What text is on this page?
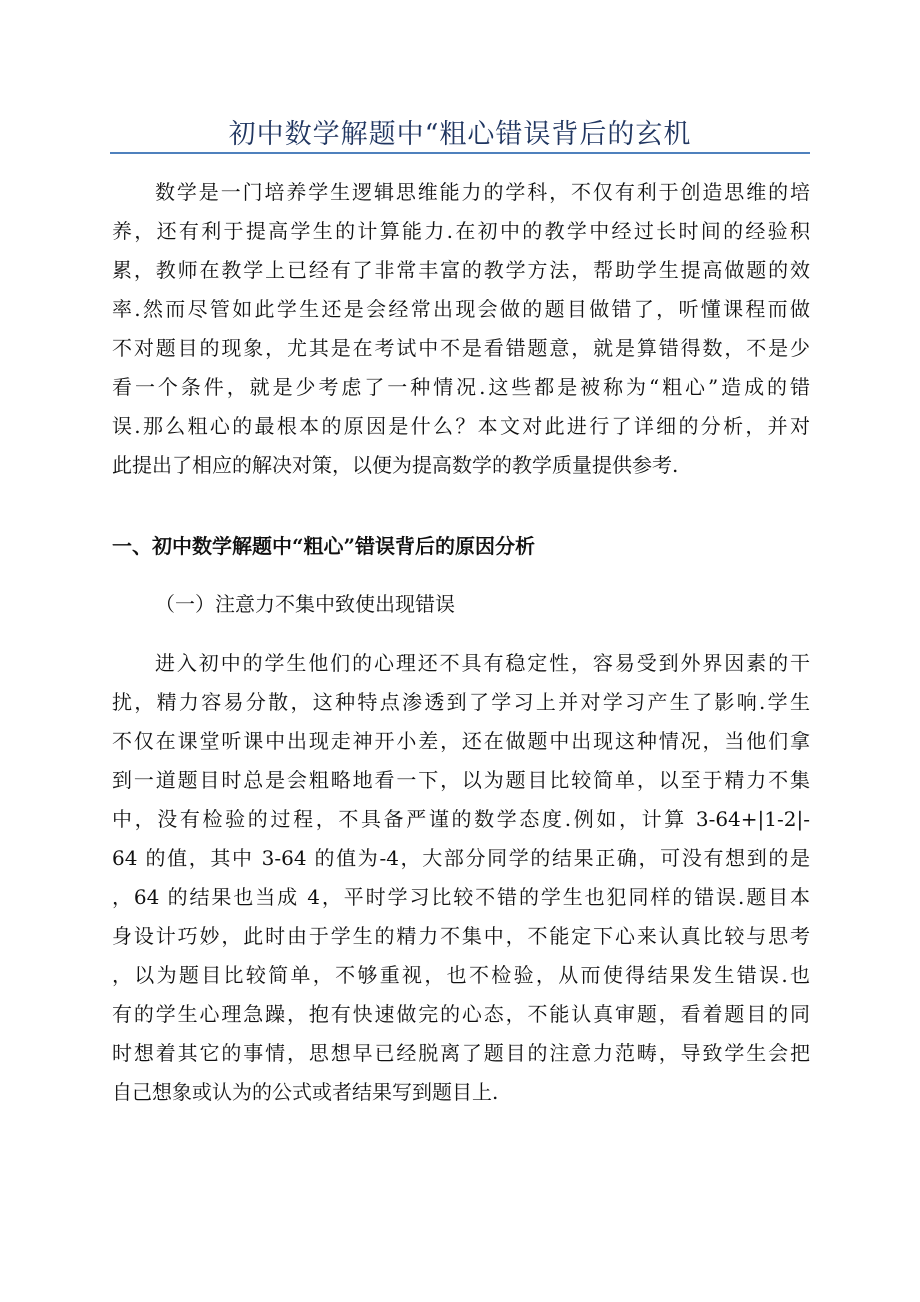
初中数学解题中“粗心错误背后的玄机
数学是一门培养学生逻辑思维能力的学科，不仅有利于创造思维的培
养，还有利于提高学生的计算能力.在初中的教学中经过长时间的经验积
累，教师在教学上已经有了非常丰富的教学方法，帮助学生提高做题的效
率.然而尽管如此学生还是会经常出现会做的题目做错了，听懂课程而做
不对题目的现象，尤其是在考试中不是看错题意，就是算错得数，不是少
看一个条件，就是少考虑了一种情况.这些都是被称为“粗心”造成的错
误.那么粗心的最根本的原因是什么？本文对此进行了详细的分析，并对
此提出了相应的解决对策，以便为提高数学的教学质量提供参考.
一、初中数学解题中“粗心”错误背后的原因分析
（一）注意力不集中致使出现错误
进入初中的学生他们的心理还不具有稳定性，容易受到外界因素的干
扰，精力容易分散，这种特点渗透到了学习上并对学习产生了影响.学生
不仅在课堂听课中出现走神开小差，还在做题中出现这种情况，当他们拿
到一道题目时总是会粗略地看一下，以为题目比较简单，以至于精力不集
中，没有检验的过程，不具备严谨的数学态度.例如，计算 3-64+|1-2|-
64 的值，其中 3-64 的值为-4，大部分同学的结果正确，可没有想到的是
，64 的结果也当成 4，平时学习比较不错的学生也犯同样的错误.题目本
身设计巧妙，此时由于学生的精力不集中，不能定下心来认真比较与思考
，以为题目比较简单，不够重视，也不检验，从而使得结果发生错误.也
有的学生心理急躁，抱有快速做完的心态，不能认真审题，看着题目的同
时想着其它的事情，思想早已经脱离了题目的注意力范畴，导致学生会把
自己想象或认为的公式或者结果写到题目上.
